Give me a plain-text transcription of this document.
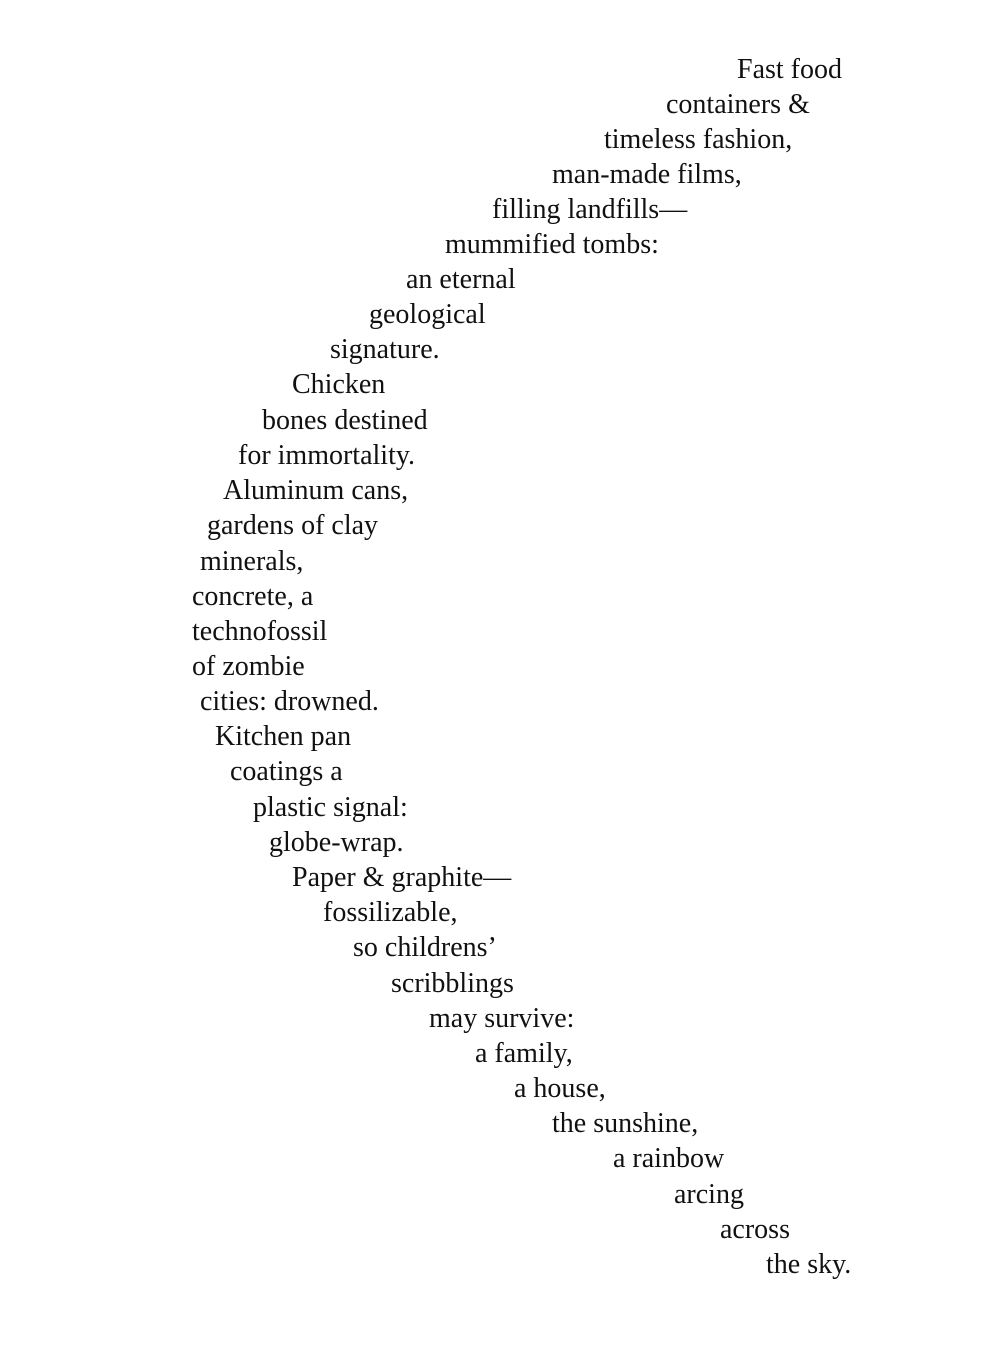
Fast food
containers &
timeless fashion,
man-made films,
filling landfills—
mummified tombs:
an eternal
geological
signature.
Chicken
bones destined
for immortality.
Aluminum cans,
gardens of clay
minerals,
concrete, a
technofossil
of zombie
cities: drowned.
Kitchen pan
coatings a
plastic signal:
globe-wrap.
Paper & graphite—
fossilizable,
so childrens’
scribblings
may survive:
a family,
a house,
the sunshine,
a rainbow
arcing
across
the sky.
